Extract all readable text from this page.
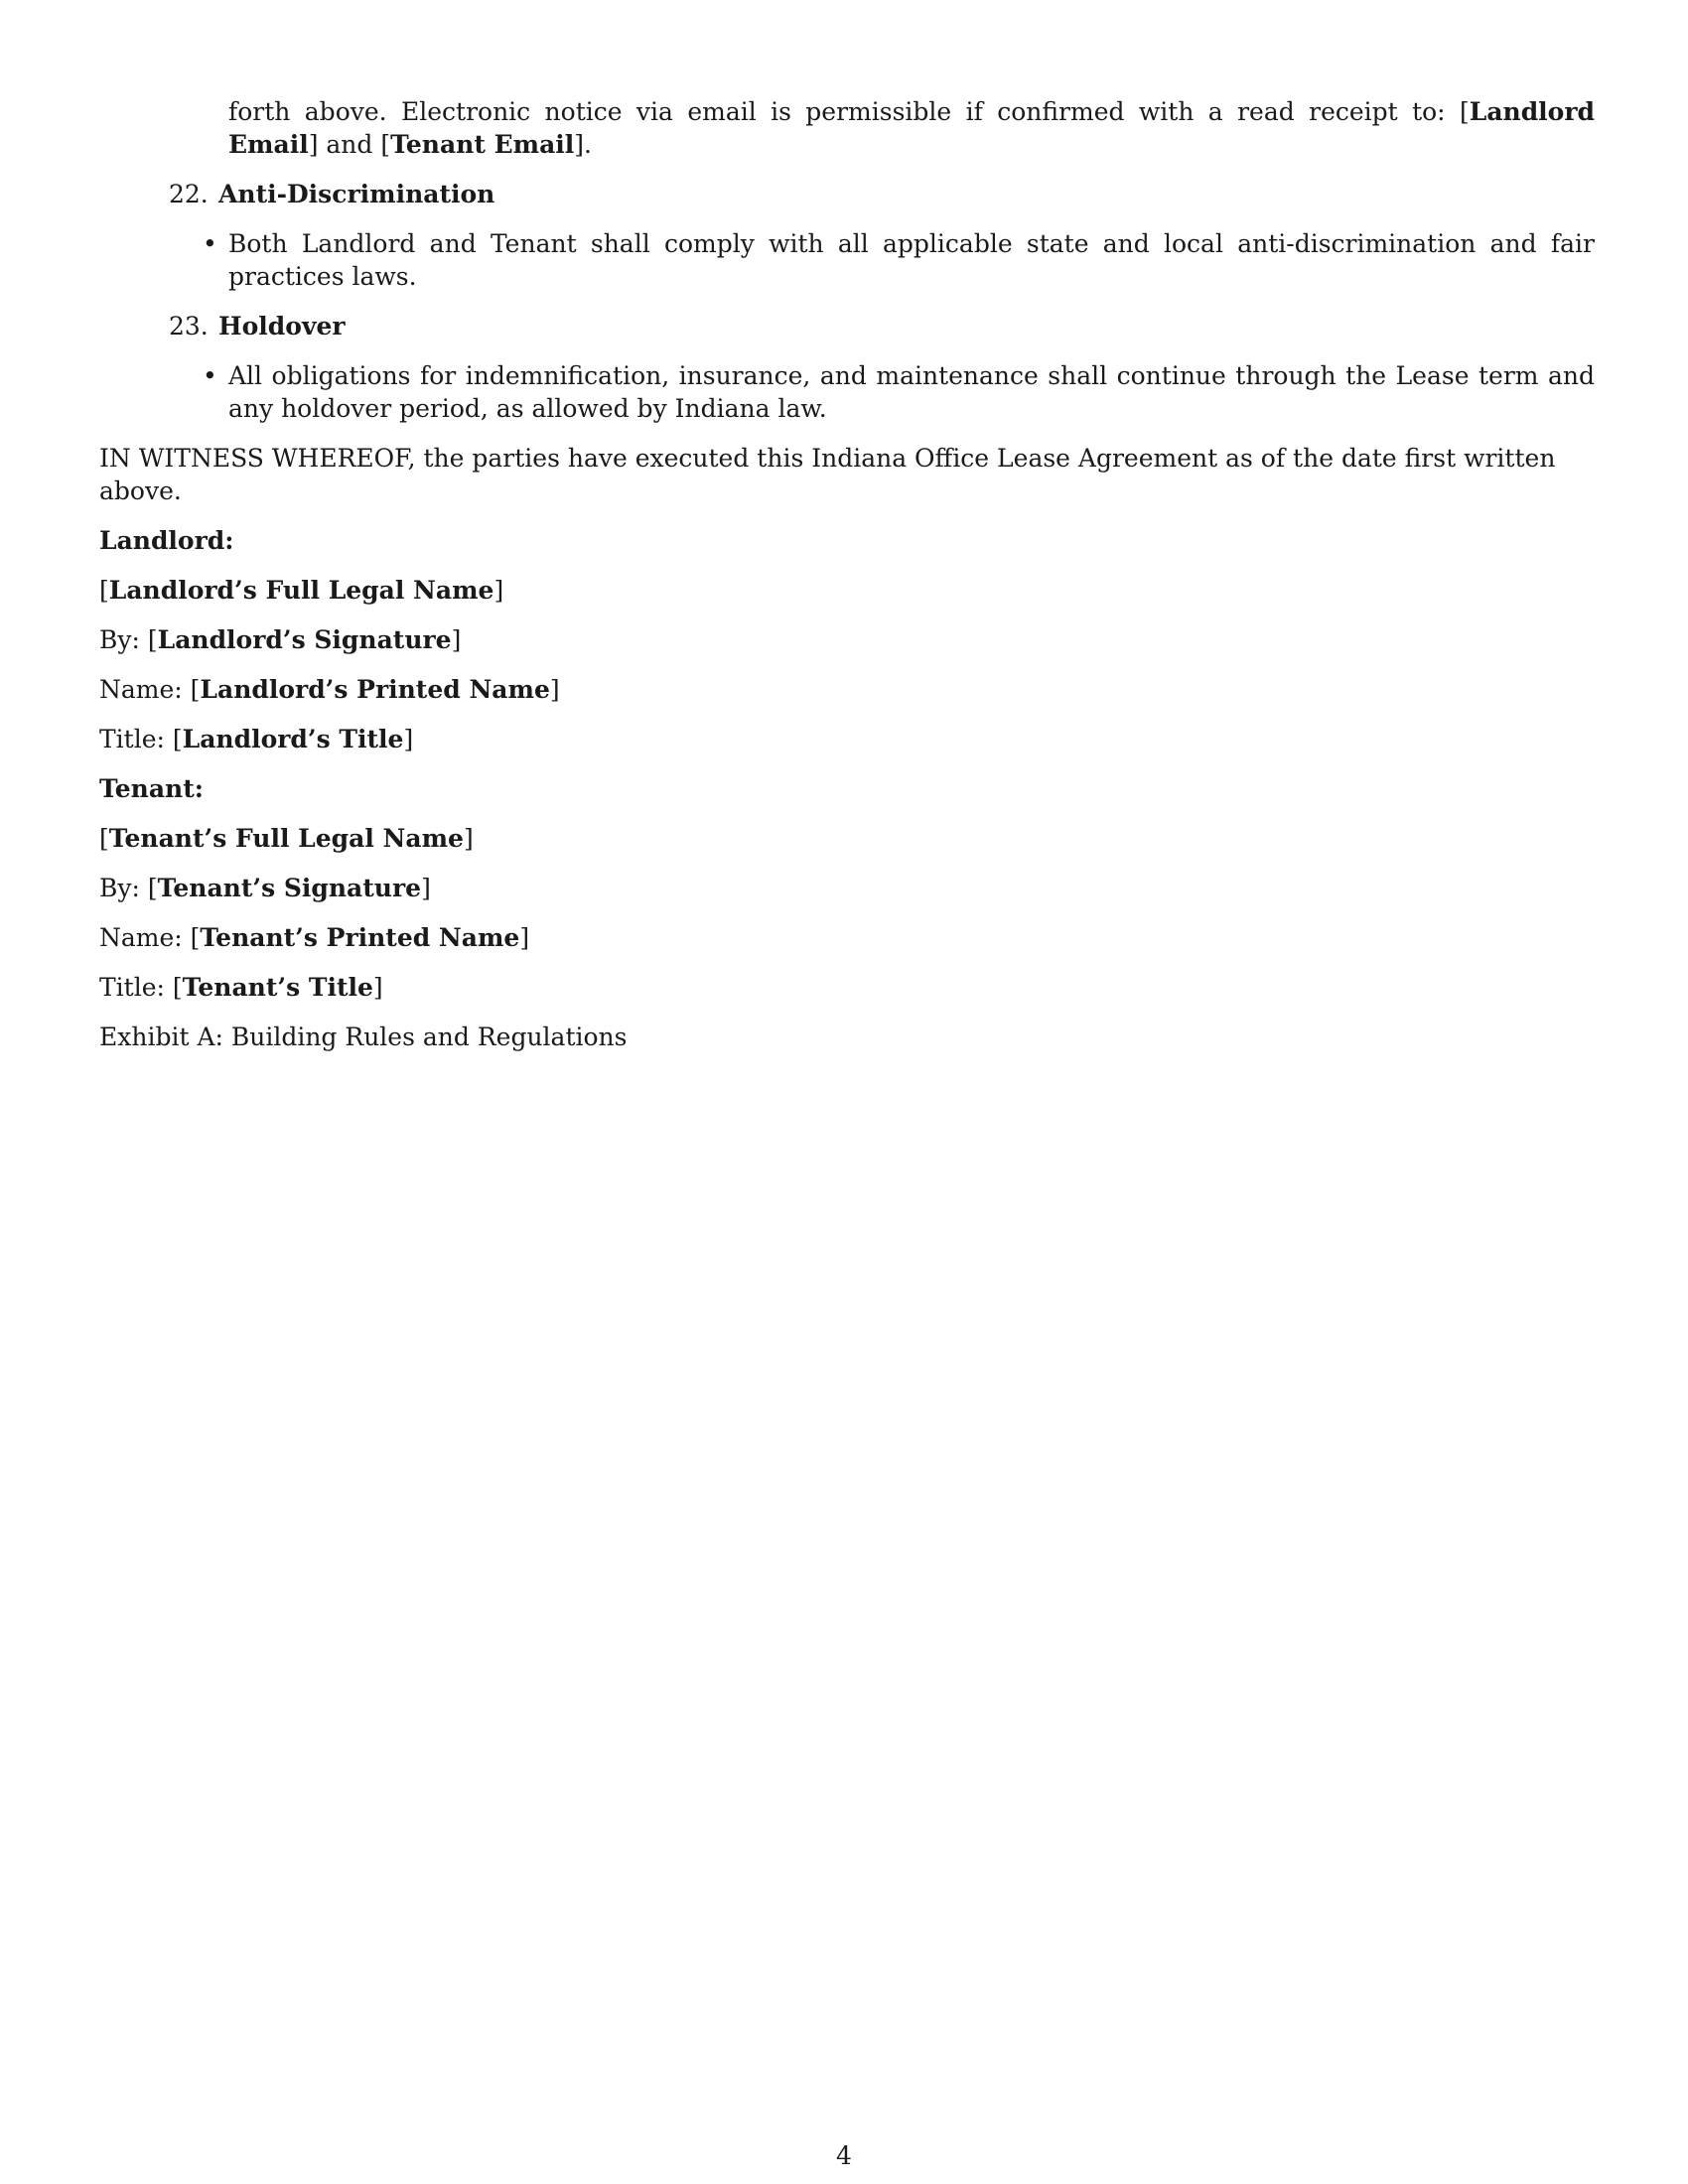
forth above. Electronic notice via email is permissible if confirmed with a read receipt to: [Landlord Email] and [Tenant Email].
22. Anti-Discrimination
• Both Landlord and Tenant shall comply with all applicable state and local anti-discrimination and fair practices laws.
23. Holdover
• All obligations for indemnification, insurance, and maintenance shall continue through the Lease term and any holdover period, as allowed by Indiana law.
IN WITNESS WHEREOF, the parties have executed this Indiana Office Lease Agreement as of the date first written above.
Landlord:
[Landlord’s Full Legal Name]
By: [Landlord’s Signature]
Name: [Landlord’s Printed Name]
Title: [Landlord’s Title]
Tenant:
[Tenant’s Full Legal Name]
By: [Tenant’s Signature]
Name: [Tenant’s Printed Name]
Title: [Tenant’s Title]
Exhibit A: Building Rules and Regulations
4
